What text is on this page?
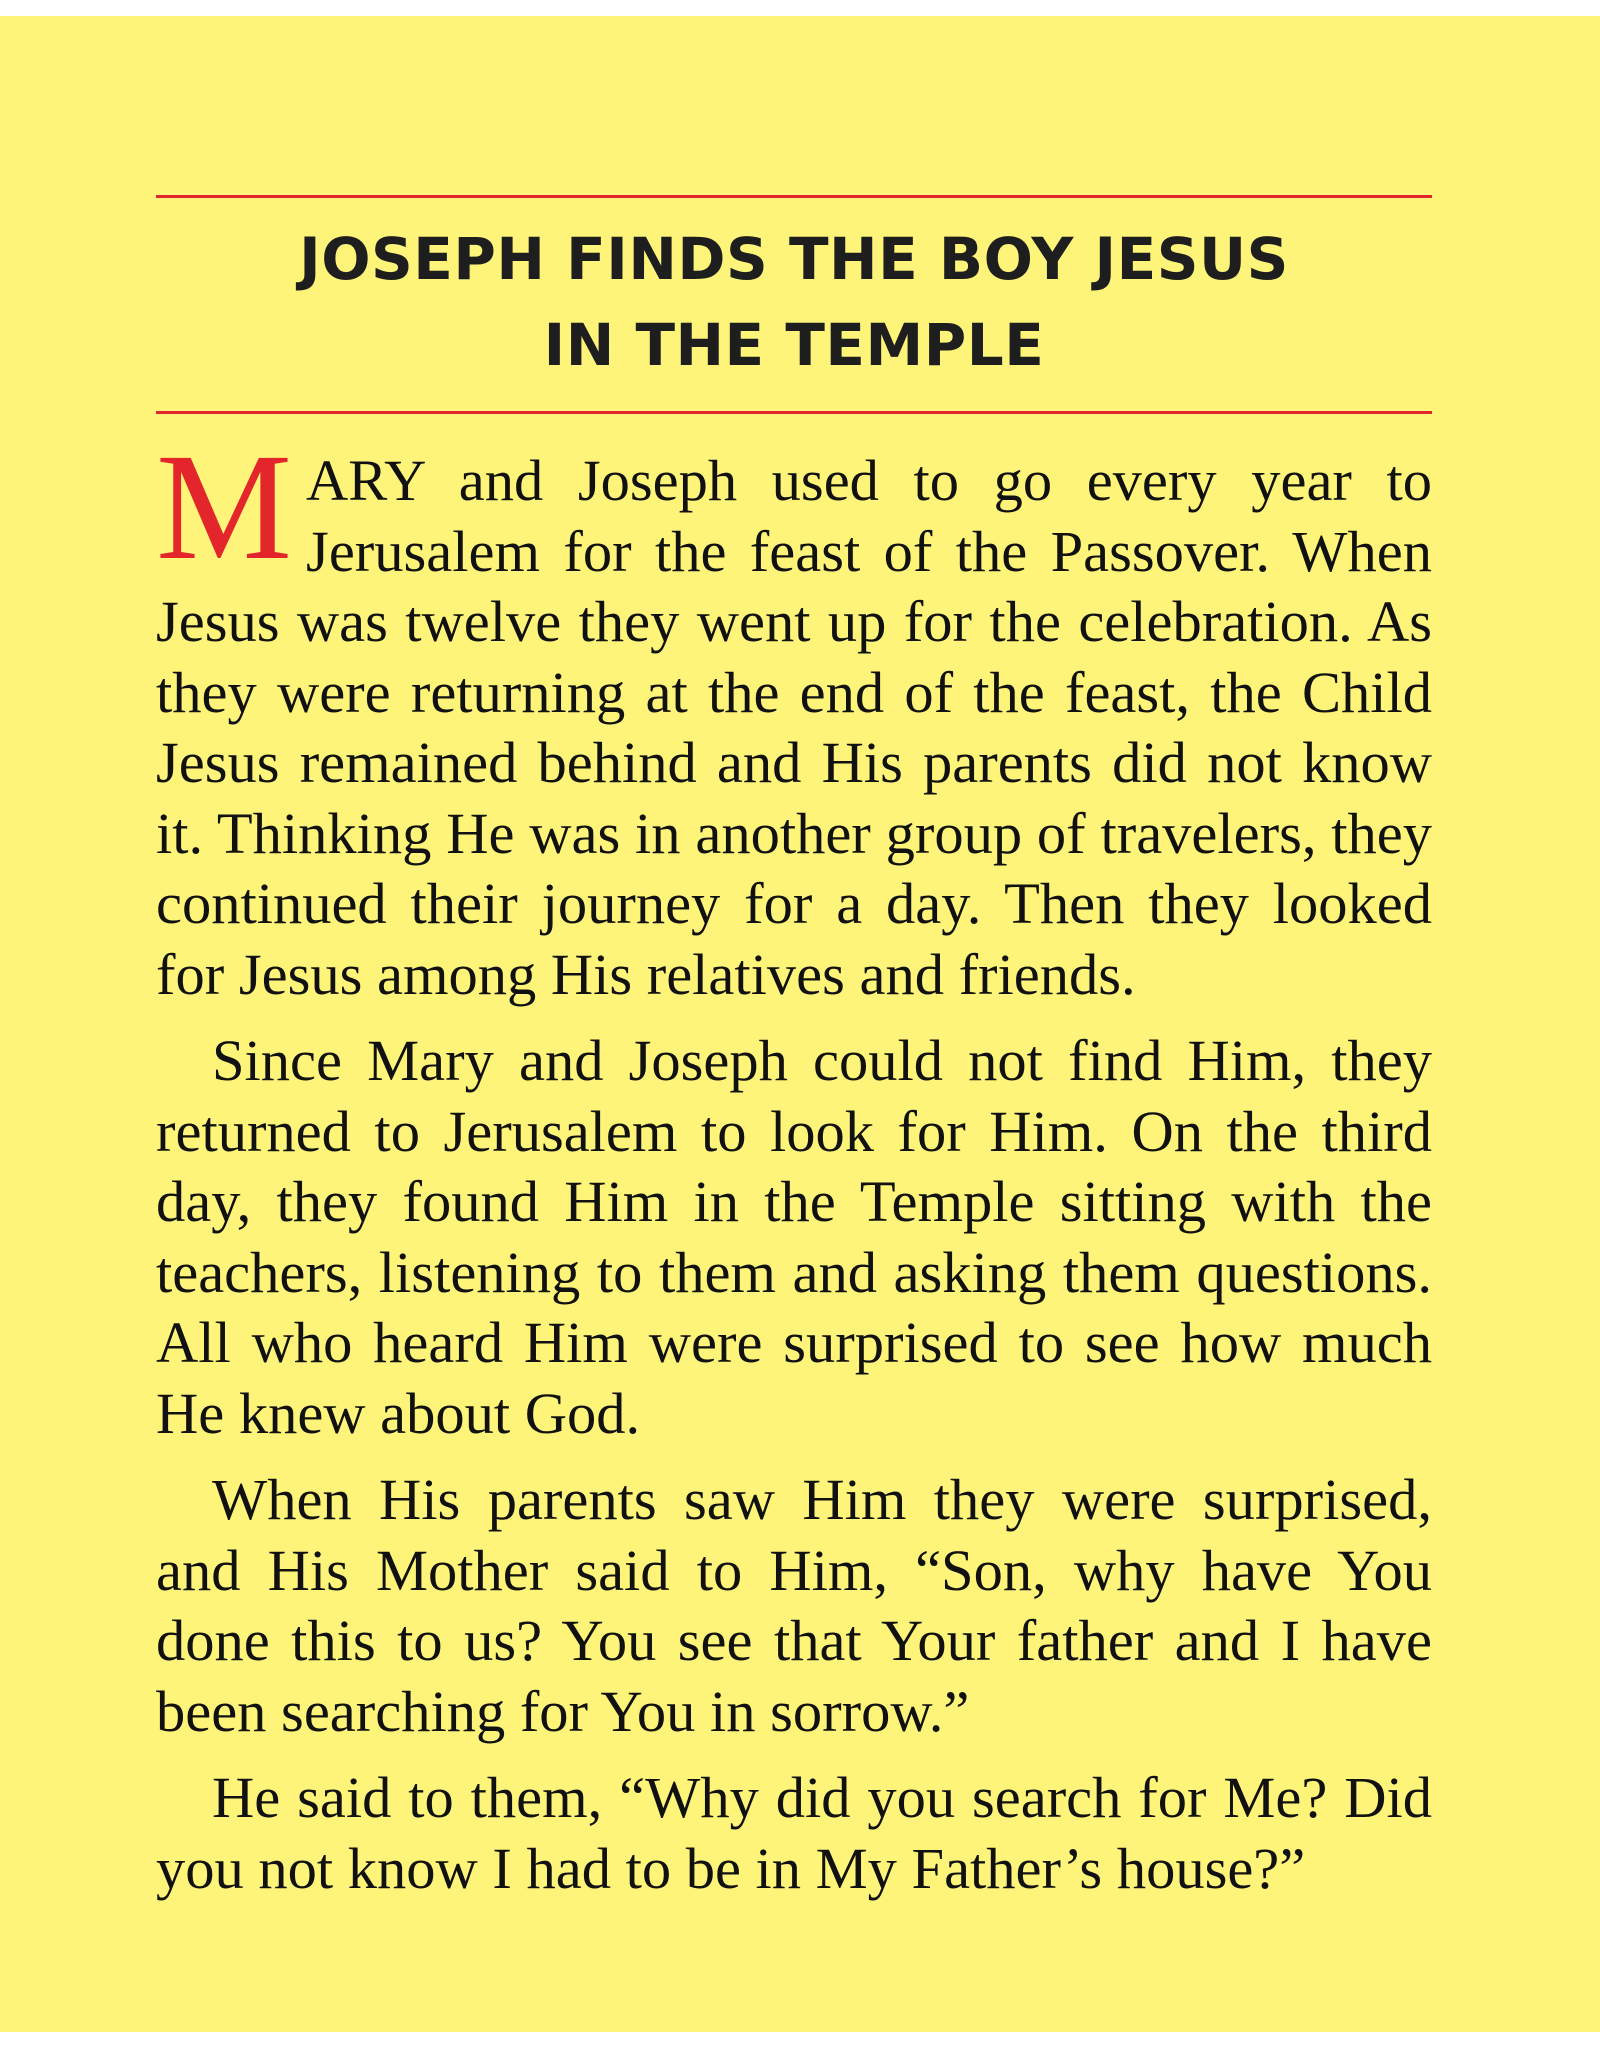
JOSEPH FINDS THE BOY JESUS
IN THE TEMPLE

MARY and Joseph used to go every year to Jerusalem for the feast of the Passover. When Jesus was twelve they went up for the celebration. As they were returning at the end of the feast, the Child Jesus remained behind and His parents did not know it. Thinking He was in another group of travelers, they continued their journey for a day. Then they looked for Jesus among His relatives and friends.

Since Mary and Joseph could not find Him, they returned to Jerusalem to look for Him. On the third day, they found Him in the Temple sitting with the teachers, listening to them and asking them questions. All who heard Him were surprised to see how much He knew about God.

When His parents saw Him they were surprised, and His Mother said to Him, “Son, why have You done this to us? You see that Your father and I have been searching for You in sorrow.”

He said to them, “Why did you search for Me? Did you not know I had to be in My Father’s house?”
